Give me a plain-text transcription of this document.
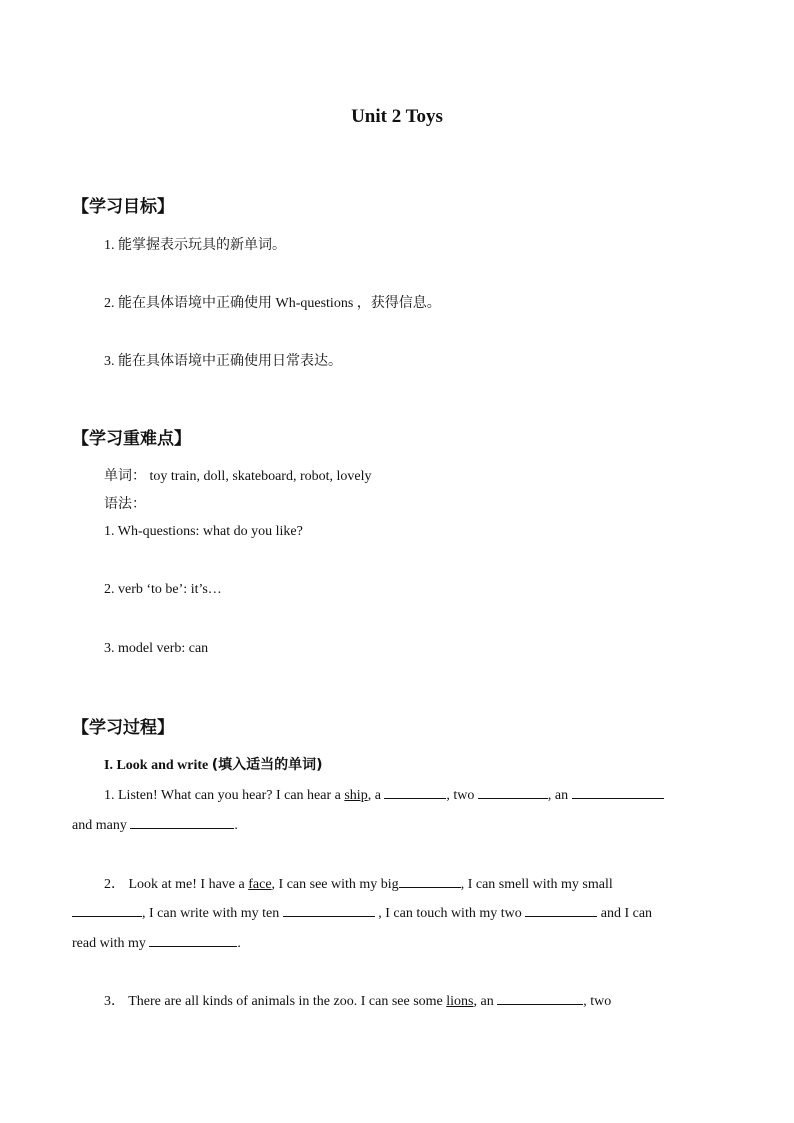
Unit 2 Toys
【学习目标】
1. 能掌握表示玩具的新单词。
2. 能在具体语境中正确使用 Wh-questions ，获得信息。
3. 能在具体语境中正确使用日常表达。
【学习重难点】
单词： toy train, doll, skateboard, robot, lovely
语法：
1. Wh-questions: what do you like?
2. verb ‘to be’: it’s…
3. model verb: can
【学习过程】
I. Look and write (填入适当的单词)
1. Listen! What can you hear? I can hear a ship, a	, two	, an
and many	.
2． Look at me! I have a face, I can see with my big	, I can smell with my small
, I can write with my ten	, I can touch with my two	and I can
read with my	.
3． There are all kinds of animals in the zoo. I can see some lions, an	, two
